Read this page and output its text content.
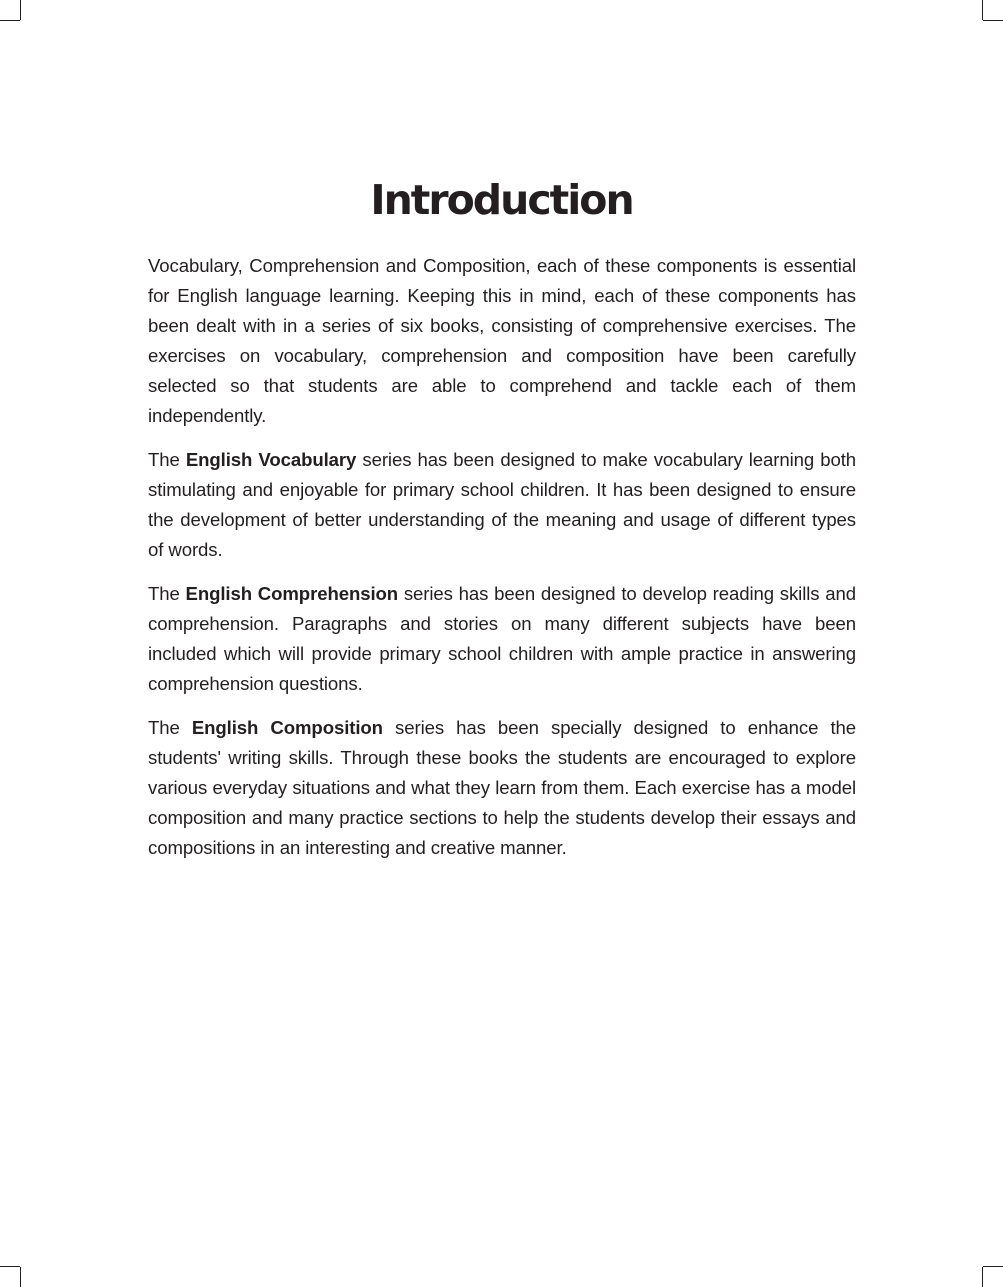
Introduction

Vocabulary, Comprehension and Composition, each of these components is essential for English language learning. Keeping this in mind, each of these components has been dealt with in a series of six books, consisting of comprehensive exercises. The exercises on vocabulary, comprehension and composition have been carefully selected so that students are able to comprehend and tackle each of them independently.

The English Vocabulary series has been designed to make vocabulary learning both stimulating and enjoyable for primary school children. It has been designed to ensure the development of better understanding of the meaning and usage of different types of words.

The English Comprehension series has been designed to develop reading skills and comprehension. Paragraphs and stories on many different subjects have been included which will provide primary school children with ample practice in answering comprehension questions.

The English Composition series has been specially designed to enhance the students' writing skills. Through these books the students are encouraged to explore various everyday situations and what they learn from them. Each exercise has a model composition and many practice sections to help the students develop their essays and compositions in an interesting and creative manner.
